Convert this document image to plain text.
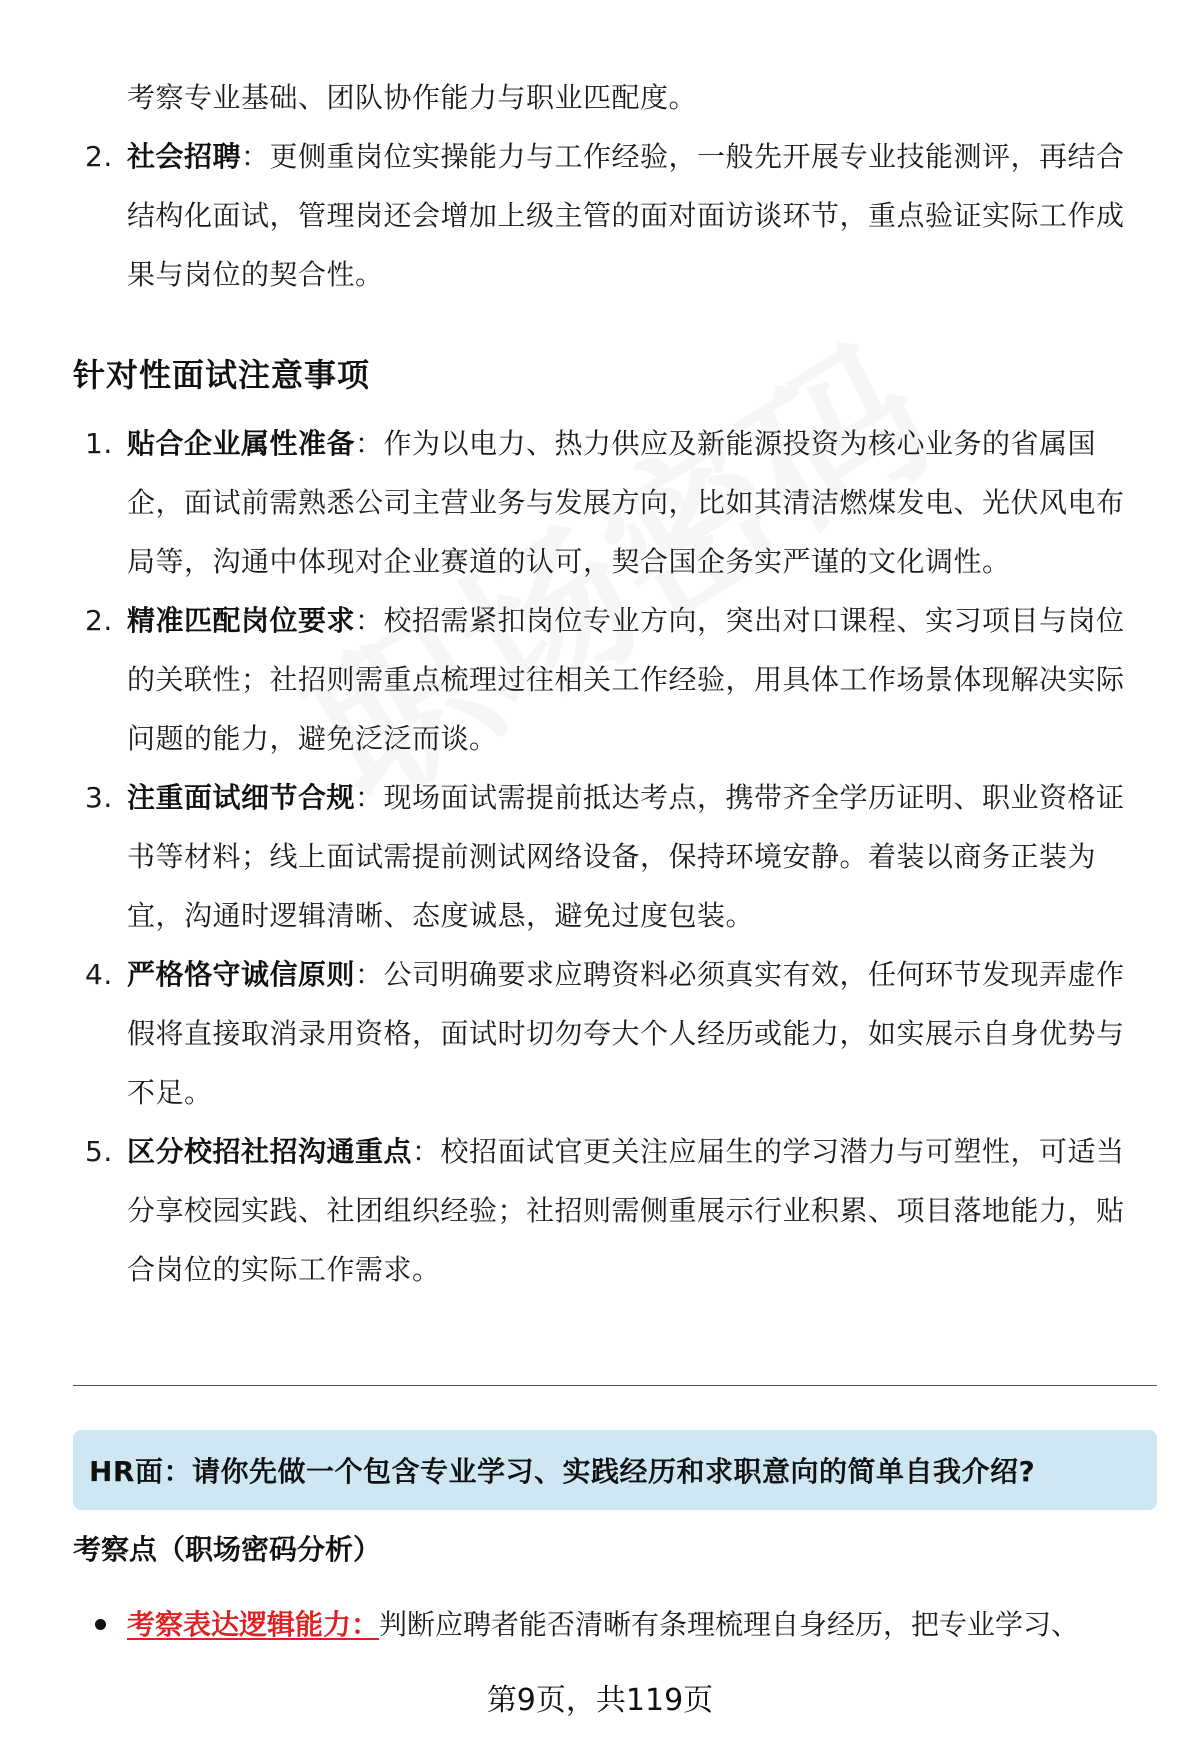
考察专业基础、团队协作能力与职业匹配度。
2. 社会招聘：更侧重岗位实操能力与工作经验，一般先开展专业技能测评，再结合结构化面试，管理岗还会增加上级主管的面对面访谈环节，重点验证实际工作成果与岗位的契合性。
针对性面试注意事项
1. 贴合企业属性准备：作为以电力、热力供应及新能源投资为核心业务的省属国企，面试前需熟悉公司主营业务与发展方向，比如其清洁燃煤发电、光伏风电布局等，沟通中体现对企业赛道的认可，契合国企务实严谨的文化调性。
2. 精准匹配岗位要求：校招需紧扣岗位专业方向，突出对口课程、实习项目与岗位的关联性；社招则需重点梳理过往相关工作经验，用具体工作场景体现解决实际问题的能力，避免泛泛而谈。
3. 注重面试细节合规：现场面试需提前抵达考点，携带齐全学历证明、职业资格证书等材料；线上面试需提前测试网络设备，保持环境安静。着装以商务正装为宜，沟通时逻辑清晰、态度诚恳，避免过度包装。
4. 严格恪守诚信原则：公司明确要求应聘资料必须真实有效，任何环节发现弄虚作假将直接取消录用资格，面试时切勿夸大个人经历或能力，如实展示自身优势与不足。
5. 区分校招社招沟通重点：校招面试官更关注应届生的学习潜力与可塑性，可适当分享校园实践、社团组织经验；社招则需侧重展示行业积累、项目落地能力，贴合岗位的实际工作需求。
HR面：请你先做一个包含专业学习、实践经历和求职意向的简单自我介绍?
考察点（职场密码分析）
考察表达逻辑能力：判断应聘者能否清晰有条理梳理自身经历，把专业学习、
第9页，共119页
